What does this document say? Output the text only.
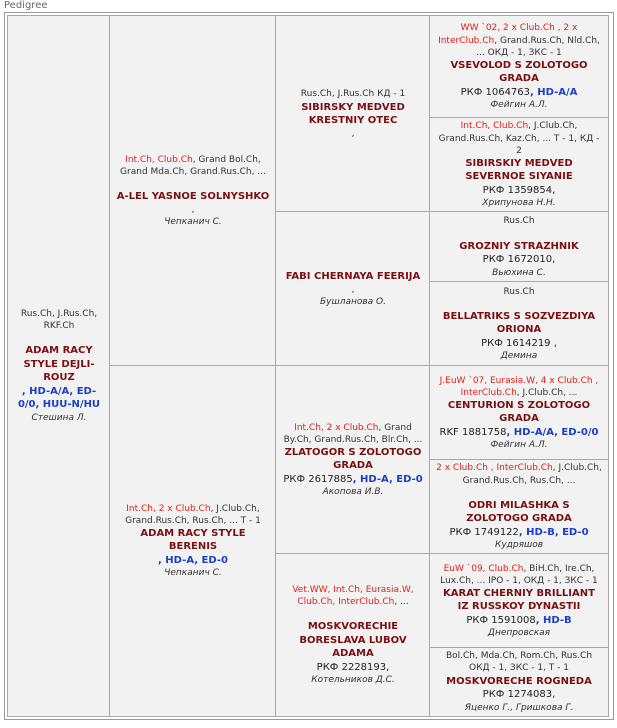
Pedigree
Rus.Ch, J.Rus.Ch, RKF.Ch

ADAM RACY STYLE DEJLI-ROUZ
, HD-A/A, ED-0/0, HUU-N/HU
Стешина Л.
Int.Ch, Club.Ch, Grand Bol.Ch, Grand Mda.Ch, Grand.Rus.Ch, ...

A-LEL YASNOE SOLNYSHKO
,
Чепканич С.
Int.Ch, 2 x Club.Ch, J.Club.Ch, Grand.Rus.Ch, Rus.Ch, ... T - 1
ADAM RACY STYLE BERENIS
, HD-A, ED-0
Чепканич С.
Rus.Ch, J.Rus.Ch КД - 1
SIBIRSKY MEDVED KRESTNIY OTEC
,
FABI CHERNAYA FEERIJA
,
Бушланова О.
Int.Ch, 2 x Club.Ch, Grand By.Ch, Grand.Rus.Ch, Blr.Ch, ...
ZLATOGOR S ZOLOTOGO GRADA
РКФ 2617885, HD-A, ED-0
Акопова И.В.
Vet.WW, Int.Ch, Eurasia.W, Club.Ch, InterClub.Ch, ...

MOSKVORECHIE BORESLAVA LUBOV ADAMA
РКФ 2228193,
Котельников Д.С.
WW `02, 2 x Club.Ch , 2 x InterClub.Ch, Grand.Rus.Ch, Nld.Ch, ... ОКД - 1, ЗКС - 1
VSEVOLOD S ZOLOTOGO GRADA
РКФ 1064763, HD-A/A
Фейгин А.Л.
Int.Ch, Club.Ch, J.Club.Ch, Grand.Rus.Ch, Kaz.Ch, ... T - 1, КД - 2
SIBIRSKIY MEDVED SEVERNOE SIYANIE
РКФ 1359854,
Хрипунова Н.Н.
Rus.Ch

GROZNIY STRAZHNIK
РКФ 1672010,
Вьюхина С.
Rus.Ch

BELLATRIKS S SOZVEZDIYA ORIONA
РКФ 1614219 ,
Демина
J.EuW `07, Eurasia.W, 4 x Club.Ch , InterClub.Ch, J.Club.Ch, ...
CENTURION S ZOLOTOGO GRADA
RKF 1881758, HD-A/A, ED-0/0
Фейгин А.Л.
2 x Club.Ch , InterClub.Ch, J.Club.Ch, Grand.Rus.Ch, Rus.Ch, ...

ODRI MILASHKA S ZOLOTOGO GRADA
РКФ 1749122, HD-B, ED-0
Кудряшов
EuW `09, Club.Ch, BiH.Ch, Ire.Ch, Lux.Ch, ... IPO - 1, ОКД - 1, ЗКС - 1
KARAT CHERNIY BRILLIANT IZ RUSSKOY DYNASTII
РКФ 1591008, HD-B
Днепровская
Bol.Ch, Mda.Ch, Rom.Ch, Rus.Ch ОКД - 1, ЗКС - 1, Т - 1
MOSKVORECHE ROGNEDA
РКФ 1274083,
Яценко Г., Гришкова Г.
